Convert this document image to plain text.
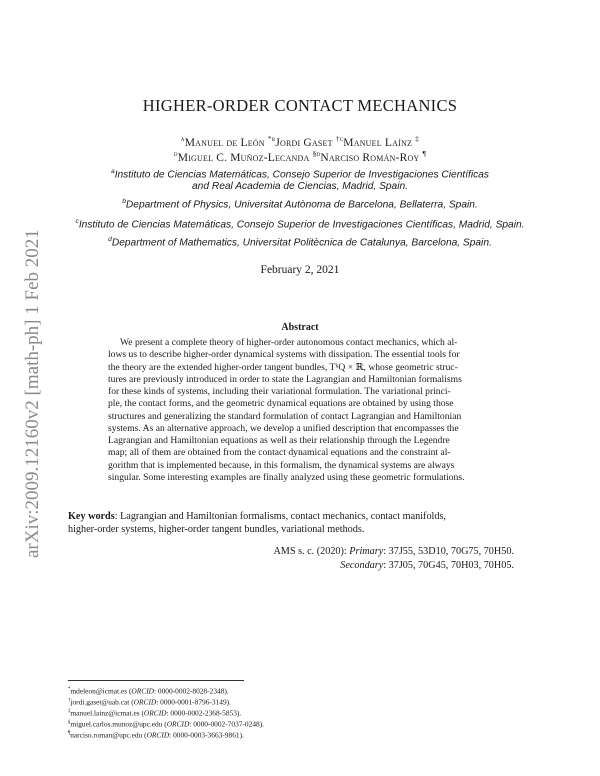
arXiv:2009.12160v2 [math-ph] 1 Feb 2021
HIGHER-ORDER CONTACT MECHANICS
$^a$Manuel de León $^{*b}$Jordi Gaset $^{\dagger c}$Manuel Laínz ‡
$^d$Miguel C. Muñoz-Lecanda $^{\S d}$Narciso Román-Roy ¶
$^a$Instituto de Ciencias Matemáticas, Consejo Superior de Investigaciones Científicas
and Real Academia de Ciencias, Madrid, Spain.
$^b$Department of Physics, Universitat Autònoma de Barcelona, Bellaterra, Spain.
$^c$Instituto de Ciencias Matemáticas, Consejo Superior de Investigaciones Científicas, Madrid, Spain.
$^d$Department of Mathematics, Universitat Politècnica de Catalunya, Barcelona, Spain.
February 2, 2021
Abstract
We present a complete theory of higher-order autonomous contact mechanics, which al-
lows us to describe higher-order dynamical systems with dissipation. The essential tools for
the theory are the extended higher-order tangent bundles, TᵏQ × ℝ, whose geometric struc-
tures are previously introduced in order to state the Lagrangian and Hamiltonian formalisms
for these kinds of systems, including their variational formulation. The variational princi-
ple, the contact forms, and the geometric dynamical equations are obtained by using those
structures and generalizing the standard formulation of contact Lagrangian and Hamiltonian
systems. As an alternative approach, we develop a unified description that encompasses the
Lagrangian and Hamiltonian equations as well as their relationship through the Legendre
map; all of them are obtained from the contact dynamical equations and the constraint al-
gorithm that is implemented because, in this formalism, the dynamical systems are always
singular. Some interesting examples are finally analyzed using these geometric formulations.
Key words: Lagrangian and Hamiltonian formalisms, contact mechanics, contact manifolds,
higher-order systems, higher-order tangent bundles, variational methods.
AMS s. c. (2020): Primary: 37J55, 53D10, 70G75, 70H50.
Secondary: 37J05, 70G45, 70H03, 70H05.
*mdeleon@icmat.es (ORCID: 0000-0002-8028-2348).
†jordi.gaset@uab.cat (ORCID: 0000-0001-8796-3149).
‡manuel.lainz@icmat.es (ORCID: 0000-0002-2368-5853).
§miguel.carlos.munoz@upc.edu (ORCID: 0000-0002-7037-0248).
¶narciso.roman@upc.edu (ORCID: 0000-0003-3663-9861).
